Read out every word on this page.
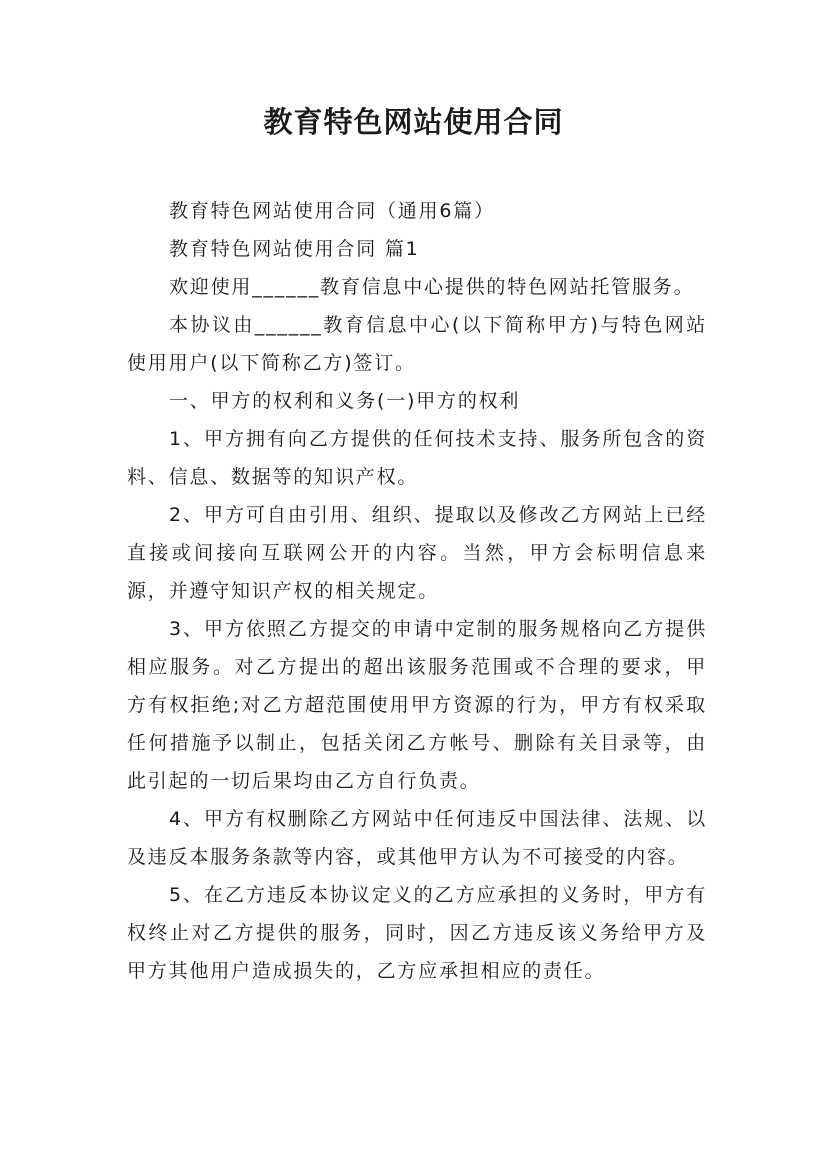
教育特色网站使用合同

教育特色网站使用合同（通用6篇）

教育特色网站使用合同 篇1

欢迎使用______教育信息中心提供的特色网站托管服务。

本协议由______教育信息中心(以下简称甲方)与特色网站使用用户(以下简称乙方)签订。

一、甲方的权利和义务(一)甲方的权利

1、甲方拥有向乙方提供的任何技术支持、服务所包含的资料、信息、数据等的知识产权。

2、甲方可自由引用、组织、提取以及修改乙方网站上已经直接或间接向互联网公开的内容。当然，甲方会标明信息来源，并遵守知识产权的相关规定。

3、甲方依照乙方提交的申请中定制的服务规格向乙方提供相应服务。对乙方提出的超出该服务范围或不合理的要求，甲方有权拒绝;对乙方超范围使用甲方资源的行为，甲方有权采取任何措施予以制止，包括关闭乙方帐号、删除有关目录等，由此引起的一切后果均由乙方自行负责。

4、甲方有权删除乙方网站中任何违反中国法律、法规、以及违反本服务条款等内容，或其他甲方认为不可接受的内容。

5、在乙方违反本协议定义的乙方应承担的义务时，甲方有权终止对乙方提供的服务，同时，因乙方违反该义务给甲方及甲方其他用户造成损失的，乙方应承担相应的责任。
